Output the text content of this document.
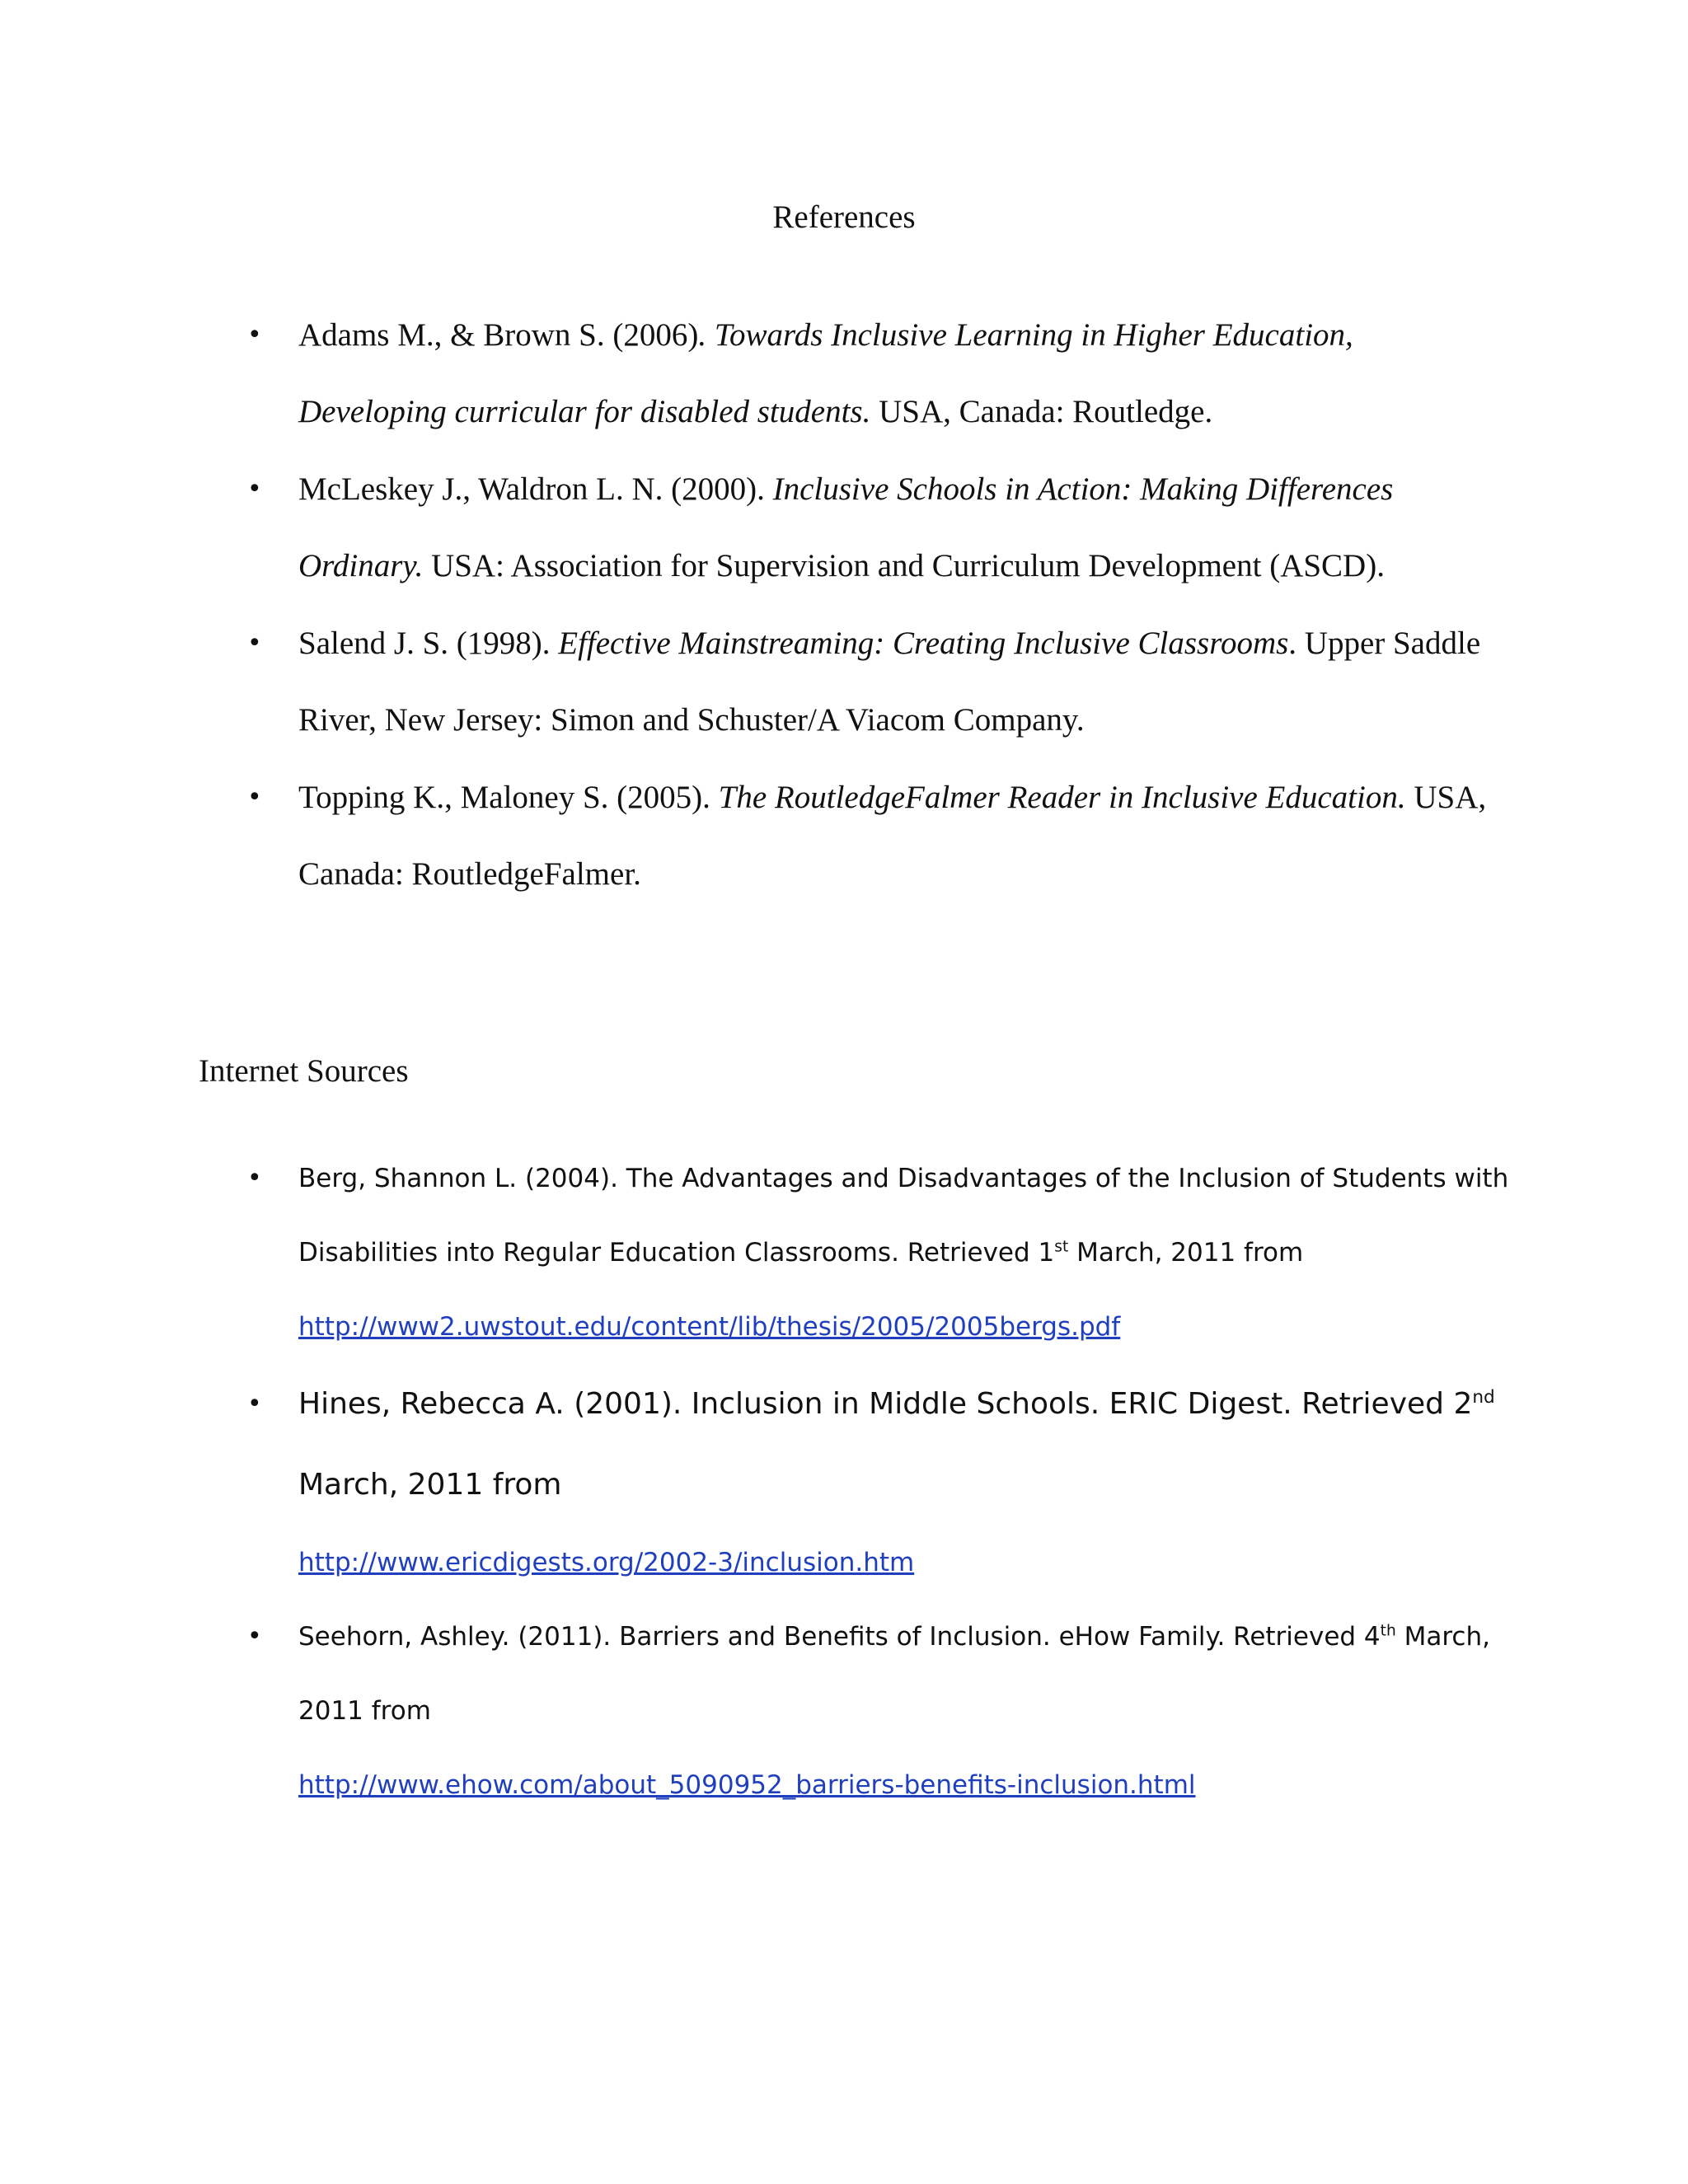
References
• Adams M., & Brown S. (2006). Towards Inclusive Learning in Higher Education, Developing curricular for disabled students. USA, Canada: Routledge.
• McLeskey J., Waldron L. N. (2000). Inclusive Schools in Action: Making Differences Ordinary. USA: Association for Supervision and Curriculum Development (ASCD).
• Salend J. S. (1998). Effective Mainstreaming: Creating Inclusive Classrooms. Upper Saddle River, New Jersey: Simon and Schuster/A Viacom Company.
• Topping K., Maloney S. (2005). The RoutledgeFalmer Reader in Inclusive Education. USA, Canada: RoutledgeFalmer.
Internet Sources
• Berg, Shannon L. (2004). The Advantages and Disadvantages of the Inclusion of Students with Disabilities into Regular Education Classrooms. Retrieved 1st March, 2011 from
http://www2.uwstout.edu/content/lib/thesis/2005/2005bergs.pdf
• Hines, Rebecca A. (2001). Inclusion in Middle Schools. ERIC Digest. Retrieved 2nd March, 2011 from
http://www.ericdigests.org/2002-3/inclusion.htm
• Seehorn, Ashley. (2011). Barriers and Benefits of Inclusion. eHow Family. Retrieved 4th March, 2011 from
http://www.ehow.com/about_5090952_barriers-benefits-inclusion.html
